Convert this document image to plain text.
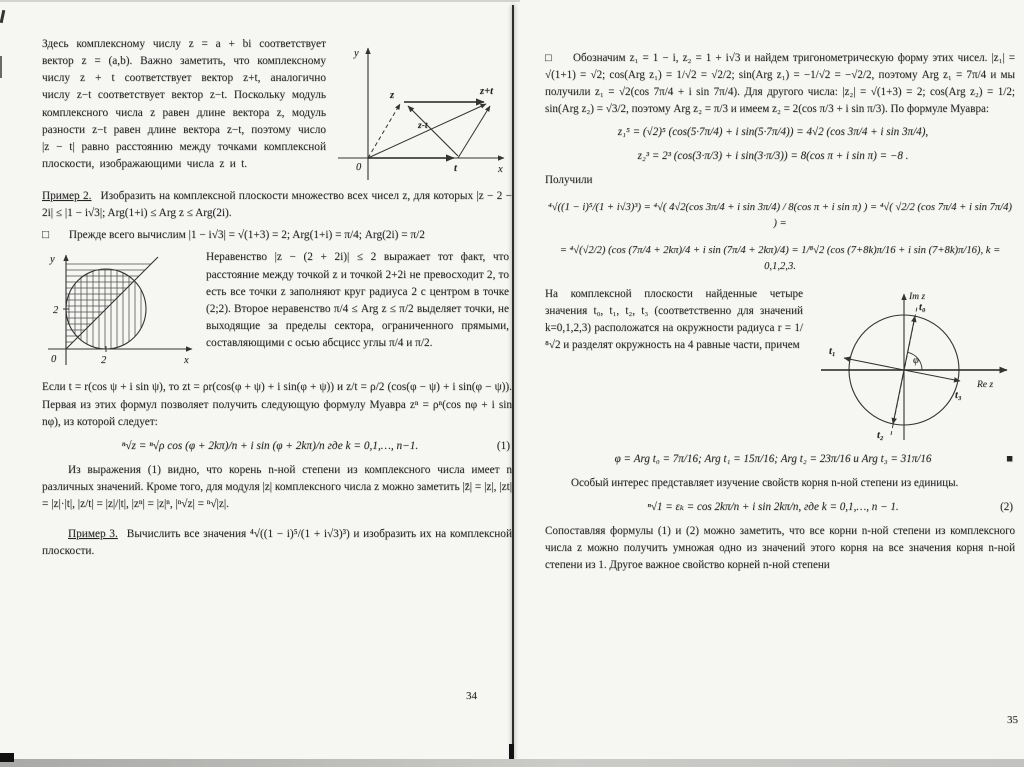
Здесь комплексному числу z = a + bi соответствует вектор z = (a,b). Важно заметить, что комплексному числу z + t соответствует вектор z+t, аналогично числу z−t соответствует вектор z−t. Поскольку модуль комплексного числа z равен длине вектора z, модуль разности z−t равен длине вектора z−t, поэтому число |z − t| равно расстоянию между точками комплексной плоскости, изображающими числа z и t.

y
0	x
z
t
z+t
z-t

Пример 2. Изобразить на комплексной плоскости множество всех чисел z, для которых |z − 2 − 2i| ≤ |1 − i√3|; Arg(1+i) ≤ Arg z ≤ Arg(2i).

□ Прежде всего вычислим |1 − i√3| = √(1+3) = 2; Arg(1+i) = π/4; Arg(2i) = π/2

y
x
0	2
2

Неравенство |z − (2 + 2i)| ≤ 2 выражает тот факт, что расстояние между точкой z и точкой 2+2i не превосходит 2, то есть все точки z заполняют круг радиуса 2 с центром в точке (2;2). Второе неравенство π/4 ≤ Arg z ≤ π/2 выделяет точки, не выходящие за пределы сектора, ограниченного прямыми, составляющими с осью абсцисс углы π/4 и π/2.

Если t = r(cos ψ + i sin ψ), то zt = ρr(cos(φ + ψ) + i sin(φ + ψ)) и z/t = ρ/2 (cos(φ − ψ) + i sin(φ − ψ)). Первая из этих формул позволяет получить следующую формулу Муавра zⁿ = ρⁿ(cos nφ + i sin nφ), из которой следует:

ⁿ√z = ⁿ√ρ cos (φ + 2kπ)/n + i sin (φ + 2kπ)/n где k = 0,1,…, n−1.	(1)

Из выражения (1) видно, что корень n-ной степени из комплексного числа имеет n различных значений. Кроме того, для модуля |z| комплексного числа z можно заметить |z̄| = |z|, |zt| = |z|·|t|, |z/t| = |z|/|t|, |zⁿ| = |z|ⁿ, |ⁿ√z| = ⁿ√|z|.

Пример 3. Вычислить все значения ⁴√((1 − i)⁵/(1 + i√3)³) и изобразить их на комплексной плоскости.

34

□ Обозначим z₁ = 1 − i, z₂ = 1 + i√3 и найдем тригонометрическую форму этих чисел. |z₁| = √(1+1) = √2; cos(Arg z₁) = 1/√2 = √2/2; sin(Arg z₁) = −1/√2 = −√2/2, поэтому Arg z₁ = 7π/4 и мы получили z₁ = √2(cos 7π/4 + i sin 7π/4). Для другого числа: |z₂| = √(1+3) = 2; cos(Arg z₂) = 1/2; sin(Arg z₂) = √3/2, поэтому Arg z₂ = π/3 и имеем z₂ = 2(cos π/3 + i sin π/3). По формуле Муавра:

z₁⁵ = (√2)⁵ (cos(5·7π/4) + i sin(5·7π/4)) = 4√2 (cos 3π/4 + i sin 3π/4),
z₂³ = 2³ (cos(3·π/3) + i sin(3·π/3)) = 8(cos π + i sin π) = −8 .

Получили

⁴√((1 − i)⁵/(1 + i√3)³) = ⁴√( 4√2(cos 3π/4 + i sin 3π/4) / 8(cos π + i sin π) ) = ⁴√( √2/2 (cos 7π/4 + i sin 7π/4) ) =
= ⁴√(√2/2) (cos (7π/4 + 2kπ)/4 + i sin (7π/4 + 2kπ)/4) = 1/⁸√2 (cos (7+8k)π/16 + i sin (7+8k)π/16), k = 0,1,2,3.

На комплексной плоскости найденные четыре значения t₀, t₁, t₂, t₃ (соответственно для значений k=0,1,2,3) расположатся на окружности радиуса r = 1/⁸√2 и разделят окружность на 4 равные части, причем

Im z
Re z
φ
t₀
t₁
t₂
t₃
φ = Arg t₀ = 7π/16; Arg t₁ = 15π/16; Arg t₂ = 23π/16 и Arg t₃ = 31π/16	■

Особый интерес представляет изучение свойств корня n-ной степени из единицы.

ⁿ√1 = εₖ = cos 2kπ/n + i sin 2kπ/n, где k = 0,1,…, n − 1.	(2)

Сопоставляя формулы (1) и (2) можно заметить, что все корни n-ной степени из комплексного числа z можно получить умножая одно из значений этого корня на все значения корня n-ной степени из 1. Другое важное свойство корней n-ной степени

35
